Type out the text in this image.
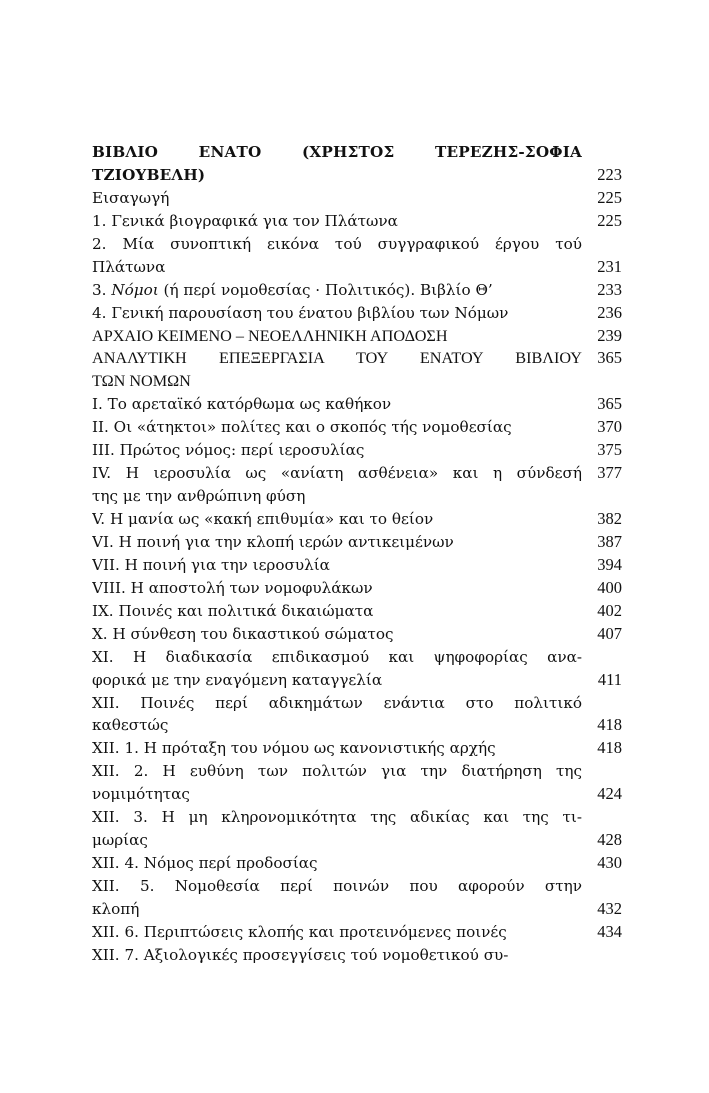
ΒΙΒΛΙΟ ΕΝΑΤΟ (ΧΡΗΣΤΟΣ ΤΕΡΕΖΗΣ-ΣΟΦΙΑ
ΤΖΙΟΥΒΕΛΗ)	223
Εισαγωγή	225
1. Γενικά βιογραφικά για τον Πλάτωνα	225
2. Μία συνοπτική εικόνα τού συγγραφικού έργου τού
Πλάτωνα	231
3. Νόμοι (ή περί νομοθεσίας · Πολιτικός). Βιβλίο Θ’	233
4. Γενική παρουσίαση του ένατου βιβλίου των Νόμων	236
ΑΡΧΑΙΟ ΚΕΙΜΕΝΟ – ΝΕΟΕΛΛΗΝΙΚΗ ΑΠΟΔΟΣΗ	239
ΑΝΑΛΥΤΙΚΗ ΕΠΕΞΕΡΓΑΣΙΑ ΤΟΥ ΕΝΑΤΟΥ ΒΙΒΛΙΟΥ 365
ΤΩΝ ΝΟΜΩΝ
I. Το αρεταϊκό κατόρθωμα ως καθήκον	365
II. Οι «άτηκτοι» πολίτες και ο σκοπός τής νομοθεσίας	370
III. Πρώτος νόμος: περί ιεροσυλίας	375
IV. Η ιεροσυλία ως «ανίατη ασθένεια» και η σύνδεσή 377
της με την ανθρώπινη φύση
V. Η μανία ως «κακή επιθυμία» και το θείον	382
VI. Η ποινή για την κλοπή ιερών αντικειμένων	387
VII. Η ποινή για την ιεροσυλία	394
VIII. Η αποστολή των νομοφυλάκων	400
IX. Ποινές και πολιτικά δικαιώματα	402
X. Η σύνθεση του δικαστικού σώματος	407
XI. Η διαδικασία επιδικασμού και ψηφοφορίας ανα-
φορικά με την εναγόμενη καταγγελία	411
XII. Ποινές περί αδικημάτων ενάντια στο πολιτικό
καθεστώς	418
XII. 1. Η πρόταξη του νόμου ως κανονιστικής αρχής	418
XII. 2. Η ευθύνη των πολιτών για την διατήρηση της
νομιμότητας	424
XII. 3. Η μη κληρονομικότητα της αδικίας και της τι-
μωρίας	428
XII. 4. Νόμος περί προδοσίας	430
XII. 5. Νομοθεσία περί ποινών που αφορούν στην
κλοπή	432
XII. 6. Περιπτώσεις κλοπής και προτεινόμενες ποινές	434
XII. 7. Αξιολογικές προσεγγίσεις τού νομοθετικού συ-
